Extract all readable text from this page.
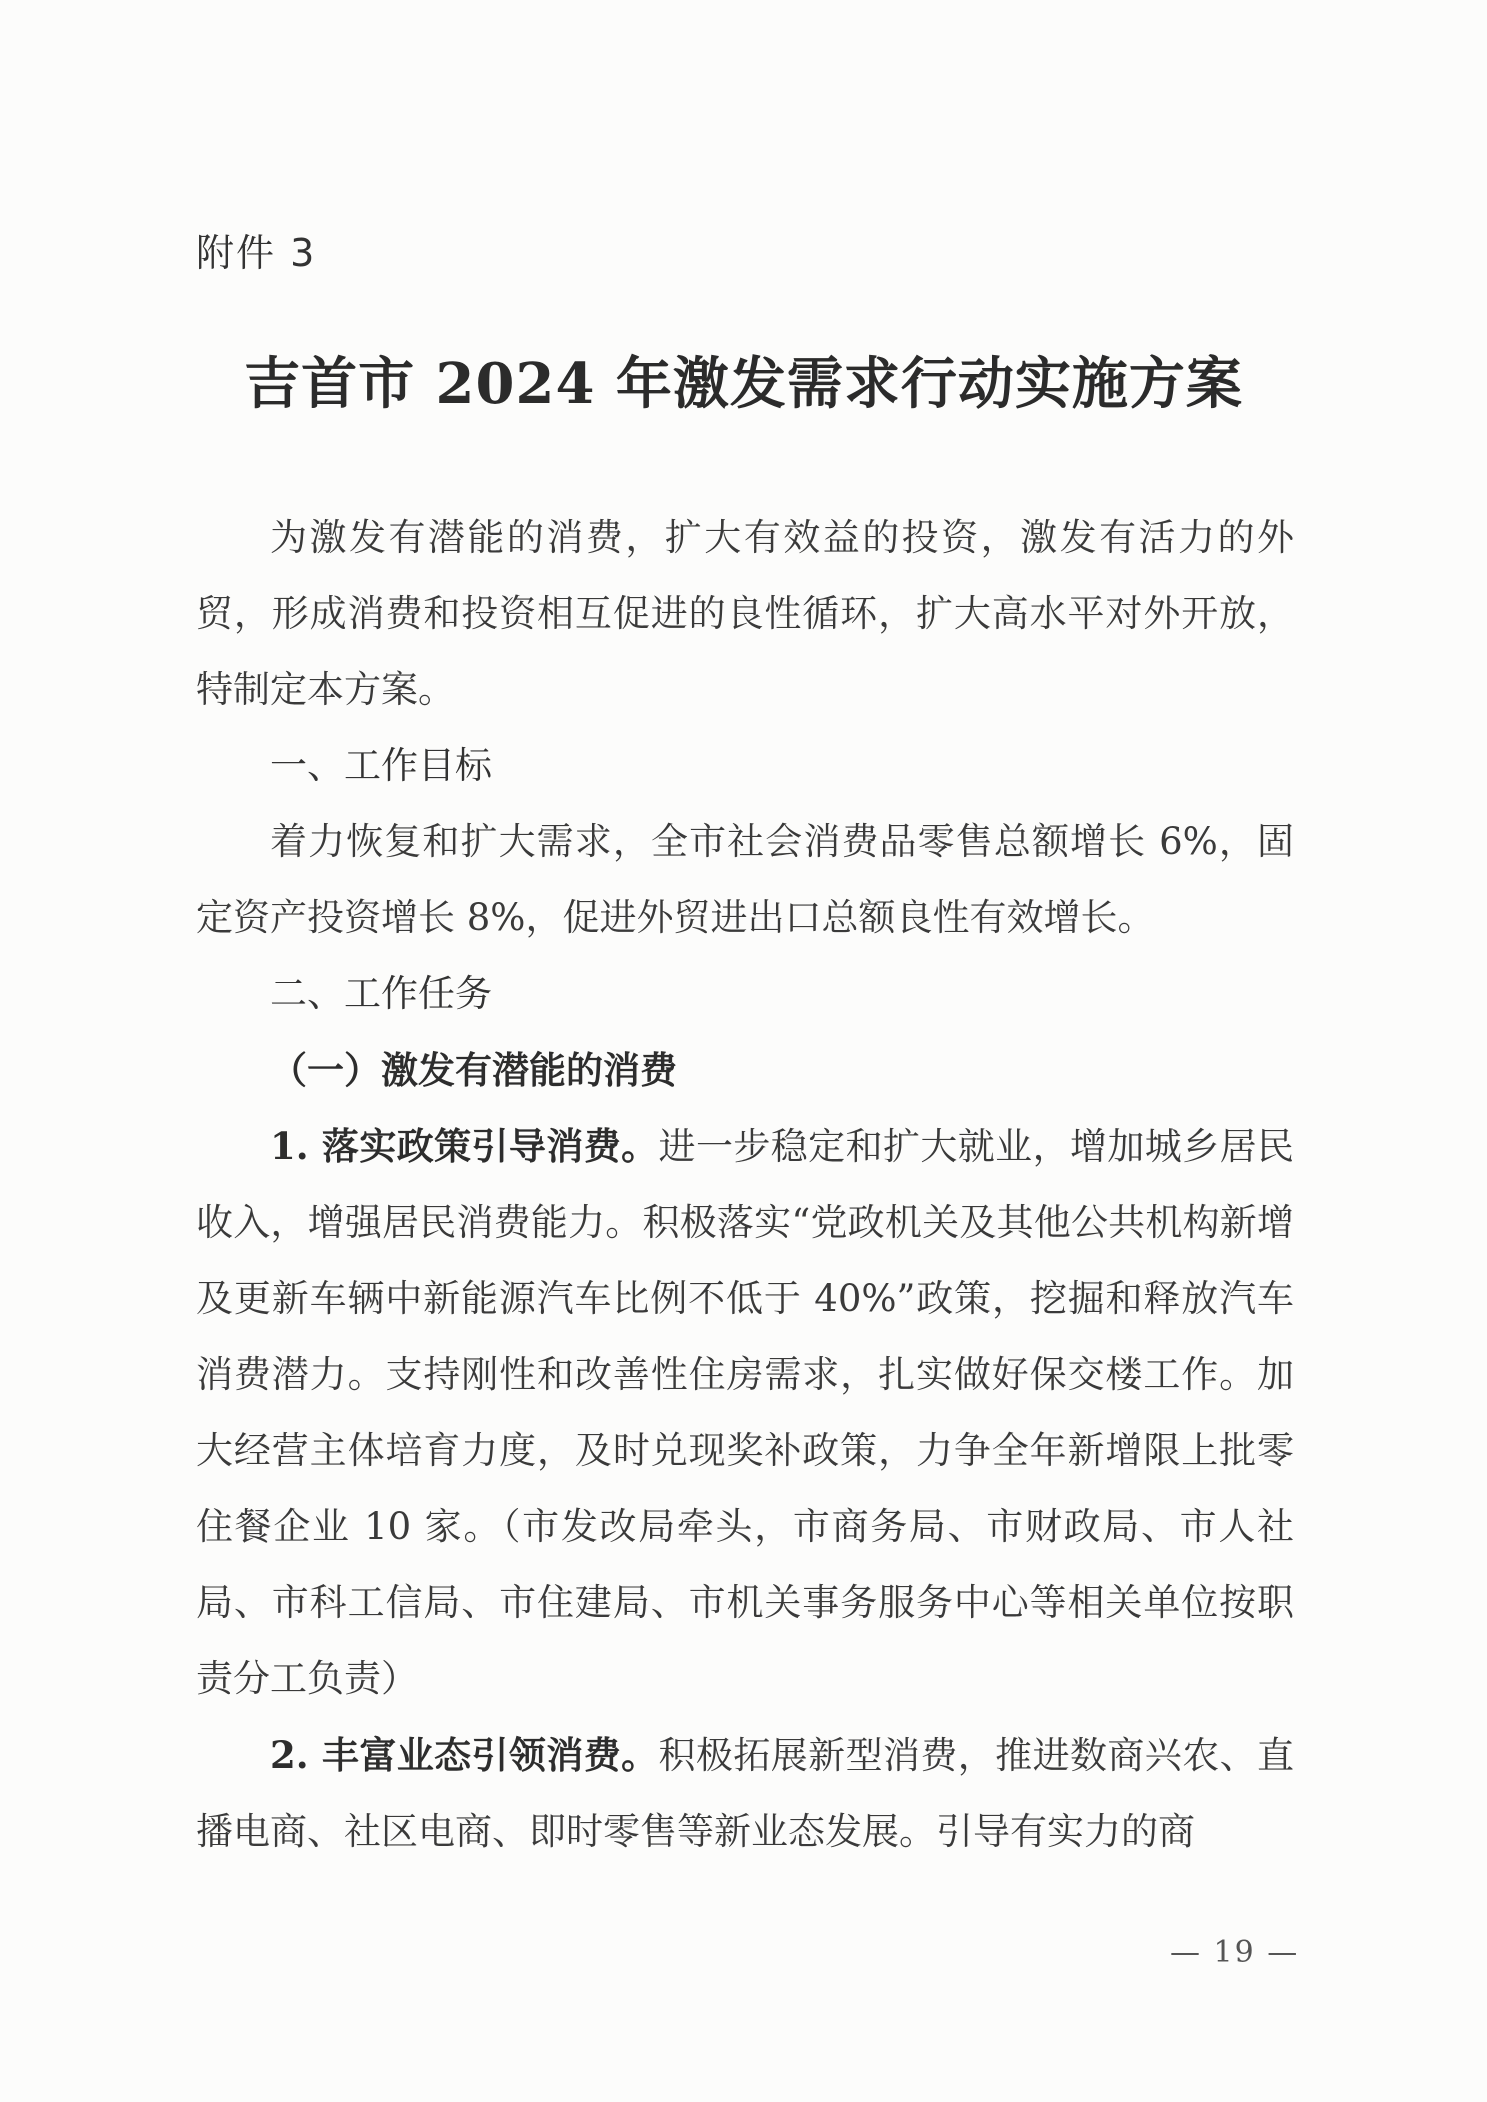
附件 3
吉首市 2024 年激发需求行动实施方案

为激发有潜能的消费，扩大有效益的投资，激发有活力的外贸，形成消费和投资相互促进的良性循环，扩大高水平对外开放，特制定本方案。

一、工作目标

着力恢复和扩大需求，全市社会消费品零售总额增长 6%，固定资产投资增长 8%，促进外贸进出口总额良性有效增长。

二、工作任务

（一）激发有潜能的消费

1. 落实政策引导消费。进一步稳定和扩大就业，增加城乡居民收入，增强居民消费能力。积极落实“党政机关及其他公共机构新增及更新车辆中新能源汽车比例不低于 40%”政策，挖掘和释放汽车消费潜力。支持刚性和改善性住房需求，扎实做好保交楼工作。加大经营主体培育力度，及时兑现奖补政策，力争全年新增限上批零住餐企业 10 家。（市发改局牵头，市商务局、市财政局、市人社局、市科工信局、市住建局、市机关事务服务中心等相关单位按职责分工负责）

2. 丰富业态引领消费。积极拓展新型消费，推进数商兴农、直播电商、社区电商、即时零售等新业态发展。引导有实力的商

— 19 —
